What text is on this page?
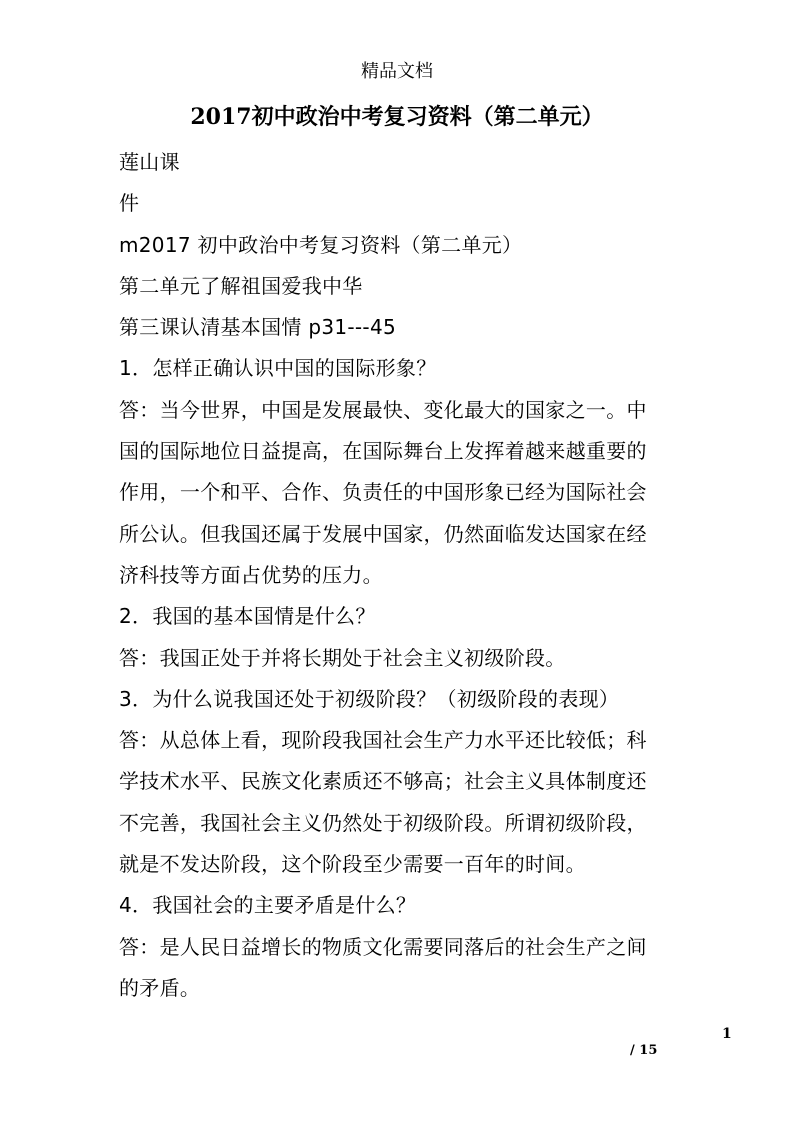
精品文档
2017初中政治中考复习资料（第二单元）

莲山课

件

m2017 初中政治中考复习资料（第二单元）

第二单元了解祖国爱我中华

第三课认清基本国情 p31---45

1．怎样正确认识中国的国际形象？

答：当今世界，中国是发展最快、变化最大的国家之一。中

国的国际地位日益提高，在国际舞台上发挥着越来越重要的

作用，一个和平、合作、负责任的中国形象已经为国际社会

所公认。但我国还属于发展中国家，仍然面临发达国家在经

济科技等方面占优势的压力。

2．我国的基本国情是什么？

答：我国正处于并将长期处于社会主义初级阶段。

3．为什么说我国还处于初级阶段？（初级阶段的表现）

答：从总体上看，现阶段我国社会生产力水平还比较低；科

学技术水平、民族文化素质还不够高；社会主义具体制度还

不完善，我国社会主义仍然处于初级阶段。所谓初级阶段，

就是不发达阶段，这个阶段至少需要一百年的时间。

4．我国社会的主要矛盾是什么？

答：是人民日益增长的物质文化需要同落后的社会生产之间

的矛盾。

1
/ 15
